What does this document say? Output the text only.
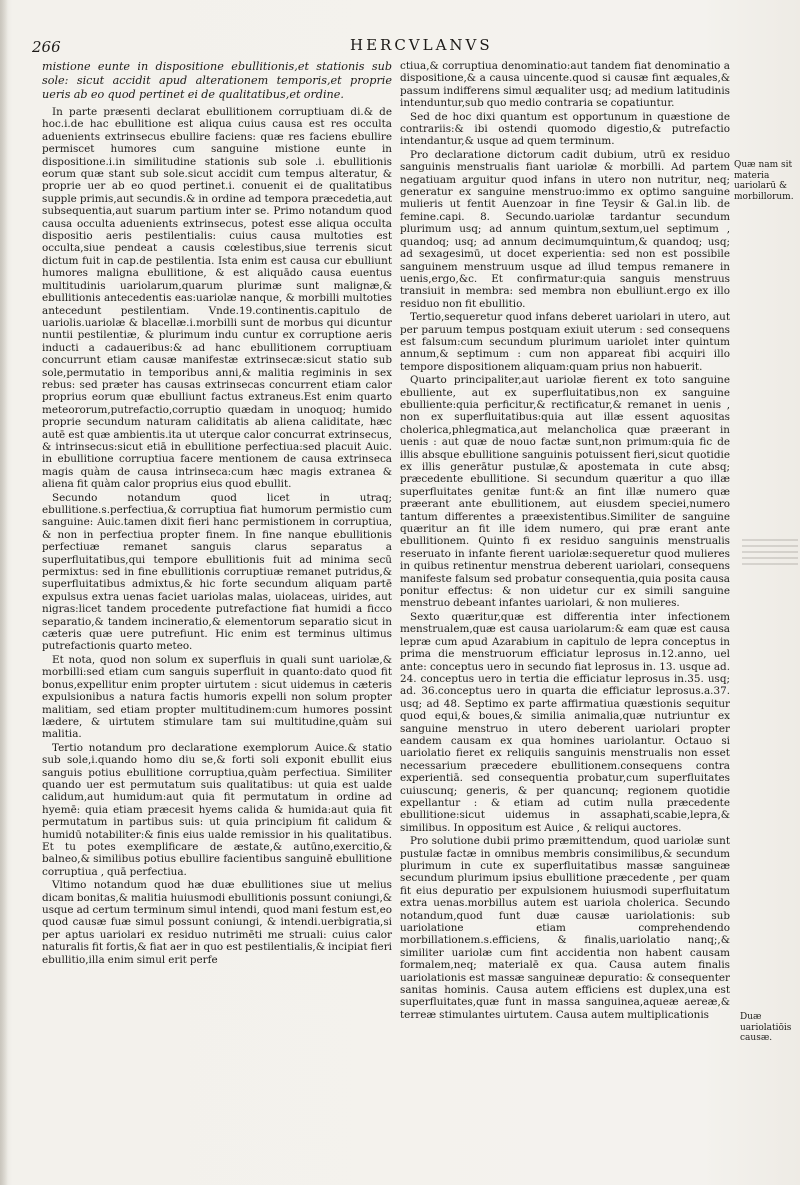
266	HERCVLANVS

mistione eunte in dispositione ebullitionis,et stationis sub sole: sicut accidit apud alterationem temporis,et proprie ueris ab eo quod pertinet ei de qualitatibus,et ordine.

In parte præsenti declarat ebullitionem corruptiuam di.& de hoc.i.de hac ebullitione est aliqua cuius causa est res occulta aduenients extrinsecus ebullire faciens: quæ res faciens ebullire permiscet humores cum sanguine mistione eunte in dispositione.i.in similitudine stationis sub sole .i. ebullitionis eorum quæ stant sub sole.sicut accidit cum tempus alteratur, & proprie uer ab eo quod pertinet.i. conuenit ei de qualitatibus supple primis,aut secundis.& in ordine ad tempora præcedetia,aut subsequentia,aut suarum partium inter se. Primo notandum quod causa occulta aduenients extrinsecus, potest esse aliqua occulta dispositio aeris pestilentialis: cuius causa multoties est occulta,siue pendeat a causis cœlestibus,siue terrenis sicut dictum fuit in cap.de pestilentia. Ista enim est causa cur ebulliunt humores maligna ebullitione, & est aliquādo causa euentus multitudinis uariolarum,quarum plurimæ sunt malignæ,& ebullitionis antecedentis eas:uariolæ nanque, & morbilli multoties antecedunt pestilentiam. Vnde.19.continentis.capitulo de uariolis.uariolæ & blacellæ.i.morbilli sunt de morbus qui dicuntur nuntii pestilentiæ, & plurimum indu cuntur ex corruptione aeris inducti a cadaueribus:& ad hanc ebullitionem corruptiuam concurrunt etiam causæ manifestæ extrinsecæ:sicut statio sub sole,permutatio in temporibus anni,& malitia regiminis in sex rebus: sed præter has causas extrinsecas concurrent etiam calor proprius eorum quæ ebulliunt factus extraneus.Est enim quarto meteororum,putrefactio,corruptio quædam in unoquoq; humido proprie secundum naturam caliditatis ab aliena caliditate, hæc autē est quæ ambientis.ita ut uterque calor concurrat extrinsecus, & intrinsecus:sicut etiā in ebullitione perfectiua:sed placuit Auic. in ebullitione corruptiua facere mentionem de causa extrinseca magis quàm de causa intrinseca:cum hæc magis extranea & aliena fit quàm calor proprius eius quod ebullit.

Secundo notandum quod licet in utraq; ebullitione.s.perfectiua,& corruptiua fiat humorum permistio cum sanguine: Auic.tamen dixit fieri hanc permistionem in corruptiua, & non in perfectiua propter finem. In fine nanque ebullitionis perfectiuæ remanet sanguis clarus separatus a superfluitatibus,qui tempore ebullitionis fuit ad minima secū permixtus: sed in fine ebullitionis corruptiuæ remanet putridus,& superfluitatibus admixtus,& hic forte secundum aliquam partē expulsus extra uenas faciet uariolas malas, uiolaceas, uirides, aut nigras:licet tandem procedente putrefactione fiat humidi a ficco separatio,& tandem incineratio,& elementorum separatio sicut in cæteris quæ uere putrefiunt. Hic enim est terminus ultimus putrefactionis quarto meteo.

Et nota, quod non solum ex superfluis in quali sunt uariolæ,& morbilli:sed etiam cum sanguis superfluit in quanto:dato quod fit bonus,expellitur enim propter uirtutem : sicut uidemus in cæteris expulsionibus a natura factis humoris expelli non solum propter malitiam, sed etiam propter multitudinem:cum humores possint lædere, & uirtutem stimulare tam sui multitudine,quàm sui malitia.

Tertio notandum pro declaratione exemplorum Auice.& statio sub sole,i.quando homo diu se,& forti soli exponit ebullit eius sanguis potius ebullitione corruptiua,quàm perfectiua. Similiter quando uer est permutatum suis qualitatibus: ut quia est ualde calidum,aut humidum:aut quia fit permutatum in ordine ad hyemē: quia etiam præcesit hyems calida & humida:aut quia fit permutatum in partibus suis: ut quia principium fit calidum & humidū notabiliter:& finis eius ualde remissior in his qualitatibus. Et tu potes exemplificare de æstate,& autūno,exercitio,& balneo,& similibus potius ebullire facientibus sanguinē ebullitione corruptiua , quā perfectiua.

Vltimo notandum quod hæ duæ ebullitiones siue ut melius dicam bonitas,& malitia huiusmodi ebullitionis possunt coniungi,& usque ad certum terminum simul intendi, quod mani festum est,eo quod causæ fuæ simul possunt coniungi, & intendi.uerbigratia,si per aptus uariolari ex residuo nutrimēti me struali: cuius calor naturalis fit fortis,& fiat aer in quo est pestilentialis,& incipiat fieri ebullitio,illa enim simul erit perfe

ctiua,& corruptiua denominatio:aut tandem fiat denominatio a dispositione,& a causa uincente.quod si causæ fint æquales,& passum indifferens simul æqualiter usq; ad medium latitudinis intenduntur,sub quo medio contraria se copatiuntur.

Sed de hoc dixi quantum est opportunum in quæstione de contrariis:& ibi ostendi quomodo digestio,& putrefactio intendantur,& usque ad quem terminum.

Pro declaratione dictorum cadit dubium, utrū ex residuo sanguinis menstrualis fiant uariolæ & morbilli. Ad partem negatiuam arguitur quod infans in utero non nutritur, neq; generatur ex sanguine menstruo:immo ex optimo sanguine mulieris ut fentit Auenzoar in fine Teysir & Gal.in lib. de femine.capi. 8. Secundo.uariolæ tardantur secundum plurimum usq; ad annum quintum,sextum,uel septimum , quandoq; usq; ad annum decimumquintum,& quandoq; usq; ad sexagesimū, ut docet experientia: sed non est possibile sanguinem menstruum usque ad illud tempus remanere in uenis,ergo,&c. Et confirmatur:quia sanguis menstruus transiuit in membra: sed membra non ebulliunt.ergo ex illo residuo non fit ebullitio.

Tertio,sequeretur quod infans deberet uariolari in utero, aut per paruum tempus postquam exiuit uterum : sed consequens est falsum:cum secundum plurimum uariolet inter quintum annum,& septimum : cum non appareat fibi acquiri illo tempore dispositionem aliquam:quam prius non habuerit.

Quarto principaliter,aut uariolæ fierent ex toto sanguine ebulliente, aut ex superfluitatibus,non ex sanguine ebulliente:quia perficitur,& rectificatur,& remanet in uenis , non ex superfluitatibus:quia aut illæ essent aquositas cholerica,phlegmatica,aut melancholica quæ præerant in uenis : aut quæ de nouo factæ sunt,non primum:quia fic de illis absque ebullitione sanguinis potuissent fieri,sicut quotidie ex illis generātur pustulæ,& apostemata in cute absq; præcedente ebullitione. Si secundum quæritur a quo illæ superfluitates genitæ funt:& an fint illæ numero quæ præerant ante ebullitionem, aut eiusdem speciei,numero tantum differentes a præexistentibus.Similiter de sanguine quæritur an fit ille idem numero, qui præ erant ante ebullitionem. Quinto fi ex residuo sanguinis menstrualis reseruato in infante fierent uariolæ:sequeretur quod mulieres in quibus retinentur menstrua deberent uariolari, consequens manifeste falsum sed probatur consequentia,quia posita causa ponitur effectus: & non uidetur cur ex simili sanguine menstruo debeant infantes uariolari, & non mulieres.

Sexto quæritur,quæ est differentia inter infectionem menstrualem,quæ est causa uariolarum:& eam quæ est causa lepræ cum apud Azarabium in capitulo de lepra conceptus in prima die menstruorum efficiatur leprosus in.12.anno, uel ante: conceptus uero in secundo fiat leprosus in. 13. usque ad. 24. conceptus uero in tertia die efficiatur leprosus in.35. usq; ad. 36.conceptus uero in quarta die efficiatur leprosus.a.37. usq; ad 48. Septimo ex parte affirmatiua quæstionis sequitur quod equi,& boues,& similia animalia,quæ nutriuntur ex sanguine menstruo in utero deberent uariolari propter eandem causam ex qua homines uariolantur. Octauo si uariolatio fieret ex reliquiis sanguinis menstrualis non esset necessarium præcedere ebullitionem.consequens contra experientiā. sed consequentia probatur,cum superfluitates cuiuscunq; generis, & per quancunq; regionem quotidie expellantur : & etiam ad cutim nulla præcedente ebullitione:sicut uidemus in assaphati,scabie,lepra,& similibus. In oppositum est Auice , & reliqui auctores.

Pro solutione dubii primo præmittendum, quod uariolæ sunt pustulæ factæ in omnibus membris consimilibus,& secundum plurimum in cute ex superfluitatibus massæ sanguineæ secundum plurimum ipsius ebullitione præcedente , per quam fit eius depuratio per expulsionem huiusmodi superfluitatum extra uenas.morbillus autem est uariola cholerica. Secundo notandum,quod funt duæ causæ uariolationis: sub uariolatione etiam comprehendendo morbillationem.s.efficiens, & finalis,uariolatio nanq;,& similiter uariolæ cum fint accidentia non habent causam formalem,neq; materialē ex qua. Causa autem finalis uariolationis est massæ sanguineæ depuratio: & consequenter sanitas hominis. Causa autem efficiens est duplex,una est superfluitates,quæ funt in massa sanguinea,aqueæ aereæ,& terreæ stimulantes uirtutem. Causa autem multiplicationis

Quæ nam sit materia uariolarū & morbillorum.
Duæ uariolatiōis causæ.
